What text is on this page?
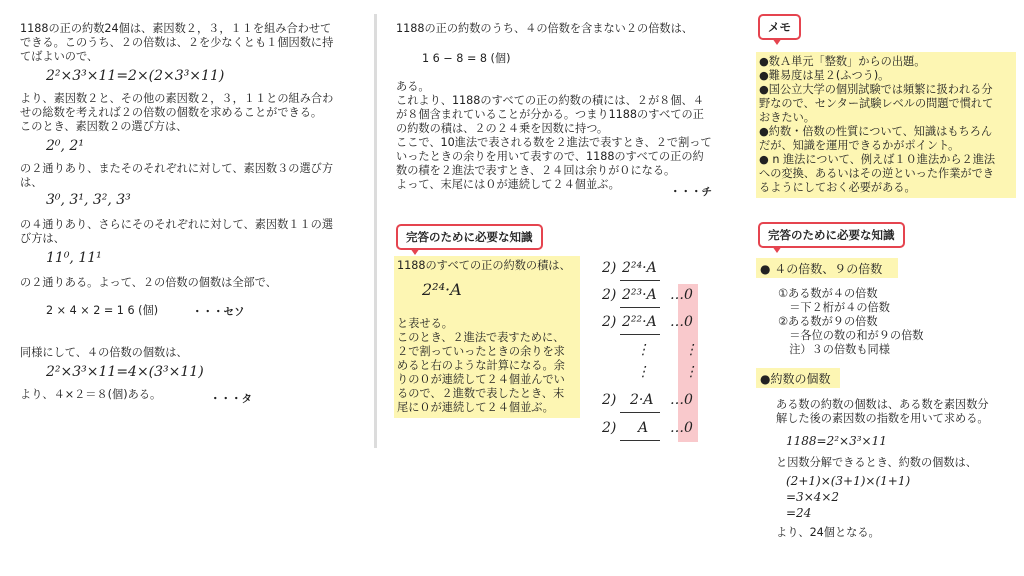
1188の正の約数24個は、素因数２，３，１１を組み合わせて
できる。このうち、２の倍数は、２を少なくとも１個因数に持
てばよいので、
2²×3³×11=2×(2×3³×11)
より、素因数２と、その他の素因数２，３，１１との組み合わ
せの総数を考えれば２の倍数の個数を求めることができる。
このとき、素因数２の選び方は、
2⁰, 2¹
の２通りあり、またそのそれぞれに対して、素因数３の選び方
は、
3⁰, 3¹, 3², 3³
の４通りあり、さらにそのそれぞれに対して、素因数１１の選
び方は、
11⁰, 11¹
の２通りある。よって、２の倍数の個数は全部で、
2 × 4 × 2 = 1 6 (個)	・・・セソ
同様にして、４の倍数の個数は、
2²×3³×11=4×(3³×11)
より、４×２＝８(個)ある。	・・・タ
1188の正の約数のうち、４の倍数を含まない２の倍数は、
1 6 − 8 = 8 (個)
ある。
これより、1188のすべての正の約数の積には、２が８個、４
が８個含まれていることが分かる。つまり1188のすべての正
の約数の積は、２の２４乗を因数に持つ。
ここで、10進法で表される数を２進法で表すとき、２で割って
いったときの余りを用いて表すので、1188のすべての正の約
数の積を２進法で表すとき、２４回は余りが０になる。
よって、末尾には０が連続して２４個並ぶ。
・・・チ
完答のために必要な知識
1188のすべての正の約数の積は、
2²⁴·A
と表せる。
このとき、２進法で表すために、
２で割っていったときの余りを求
めると右のような計算になる。余
りの０が連続して２４個並んでい
るので、２進数で表したとき、末
尾に０が連続して２４個並ぶ。
2) 2²⁴·A
2) 2²³·A …0
2) 2²²·A …0
⋮ ⋮
⋮ ⋮
2) 2·A …0
2) A …0
メモ
●数Ａ単元「整数」からの出題。
●難易度は星２(ふつう)。
●国公立大学の個別試験では頻繁に扱われる分
野なので、センター試験レベルの問題で慣れて
おきたい。
●約数・倍数の性質について、知識はもちろん
だが、知識を運用できるかがポイント。
● n 進法について、例えば１０進法から２進法
への変換、あるいはその逆といった作業ができ
るようにしておく必要がある。
完答のために必要な知識
● ４の倍数、９の倍数
①ある数が４の倍数
　＝下２桁が４の倍数
②ある数が９の倍数
　＝各位の数の和が９の倍数
　注）３の倍数も同様
●約数の個数
ある数の約数の個数は、ある数を素因数分
解した後の素因数の指数を用いて求める。
1188=2²×3³×11
と因数分解できるとき、約数の個数は、
(2+1)×(3+1)×(1+1)
=3×4×2
=24
より、24個となる。
